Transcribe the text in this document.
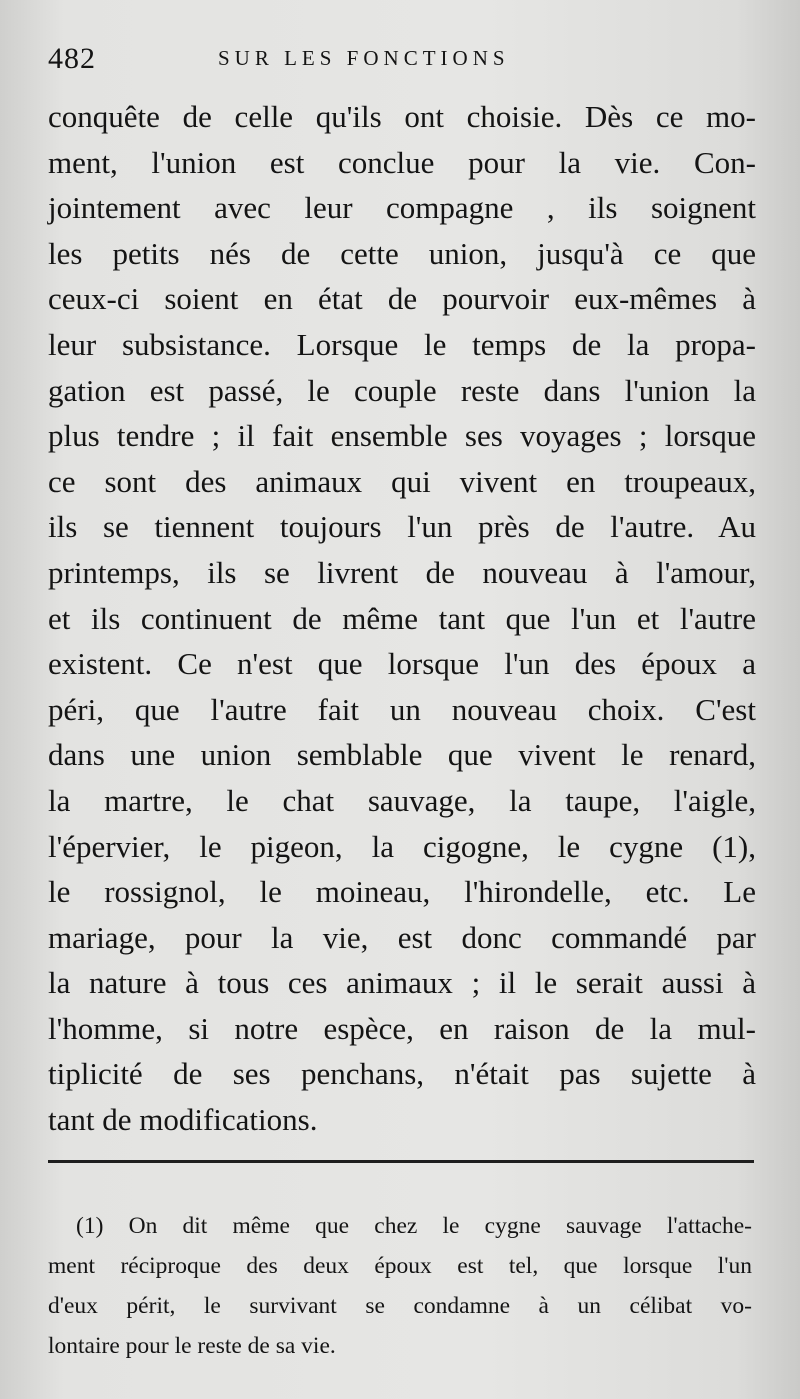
482	SUR LES FONCTIONS
conquête de celle qu'ils ont choisie. Dès ce mo-
ment, l'union est conclue pour la vie. Con-
jointement avec leur compagne , ils soignent
les petits nés de cette union, jusqu'à ce que
ceux-ci soient en état de pourvoir eux-mêmes à
leur subsistance. Lorsque le temps de la propa-
gation est passé, le couple reste dans l'union la
plus tendre ; il fait ensemble ses voyages ; lorsque
ce sont des animaux qui vivent en troupeaux,
ils se tiennent toujours l'un près de l'autre. Au
printemps, ils se livrent de nouveau à l'amour,
et ils continuent de même tant que l'un et l'autre
existent. Ce n'est que lorsque l'un des époux a
péri, que l'autre fait un nouveau choix. C'est
dans une union semblable que vivent le renard,
la martre, le chat sauvage, la taupe, l'aigle,
l'épervier, le pigeon, la cigogne, le cygne (1),
le rossignol, le moineau, l'hirondelle, etc. Le
mariage, pour la vie, est donc commandé par
la nature à tous ces animaux ; il le serait aussi à
l'homme, si notre espèce, en raison de la mul-
tiplicité de ses penchans, n'était pas sujette à
tant de modifications.
(1) On dit même que chez le cygne sauvage l'attache-
ment réciproque des deux époux est tel, que lorsque l'un
d'eux périt, le survivant se condamne à un célibat vo-
lontaire pour le reste de sa vie.
